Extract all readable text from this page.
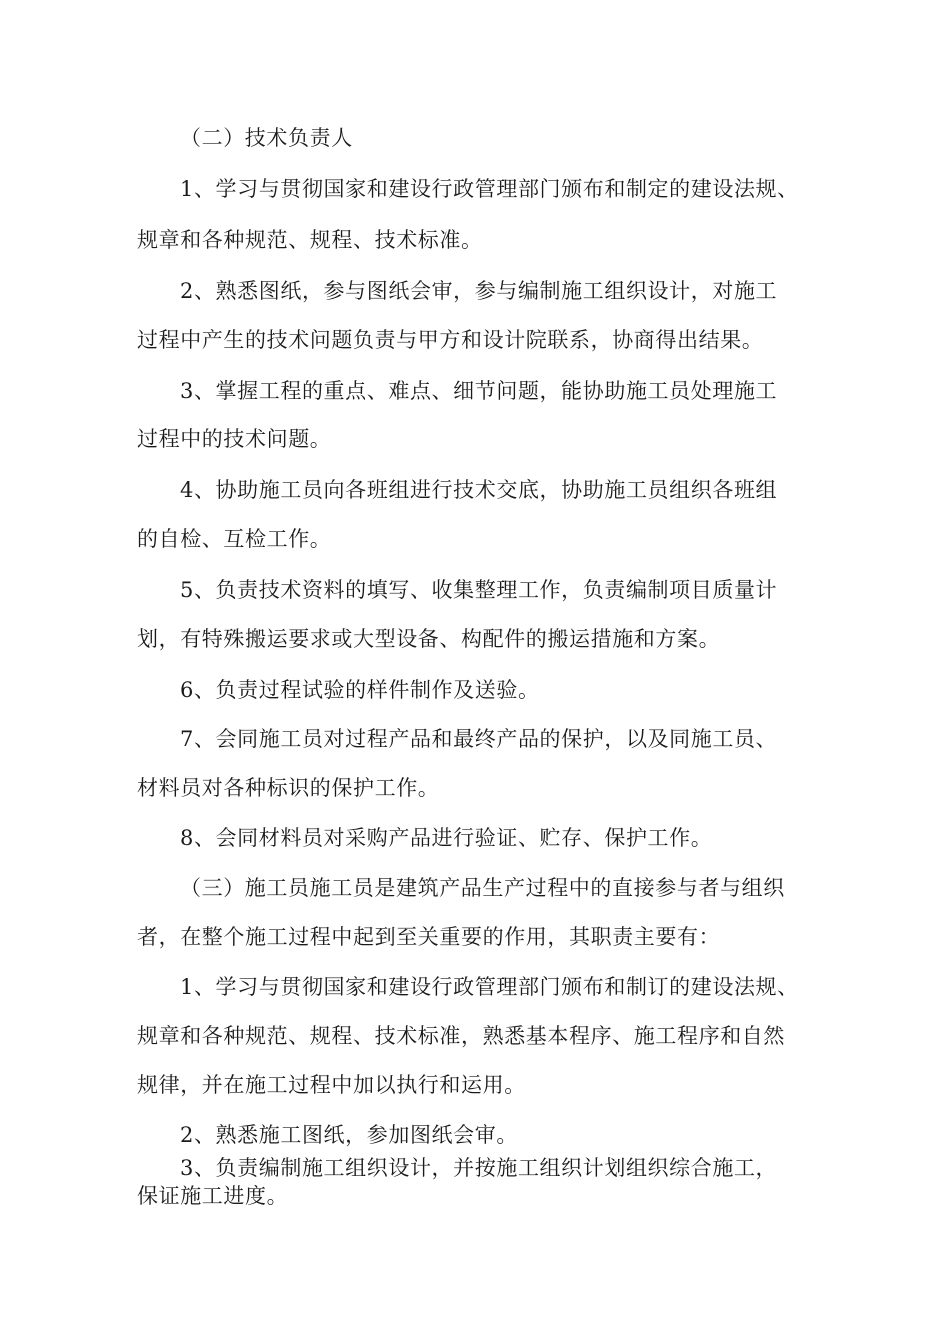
（二）技术负责人

1、学习与贯彻国家和建设行政管理部门颁布和制定的建设法规、

规章和各种规范、规程、技术标准。

2、熟悉图纸，参与图纸会审，参与编制施工组织设计，对施工

过程中产生的技术问题负责与甲方和设计院联系，协商得出结果。

3、掌握工程的重点、难点、细节问题，能协助施工员处理施工

过程中的技术问题。

4、协助施工员向各班组进行技术交底，协助施工员组织各班组

的自检、互检工作。

5、负责技术资料的填写、收集整理工作，负责编制项目质量计

划，有特殊搬运要求或大型设备、构配件的搬运措施和方案。

6、负责过程试验的样件制作及送验。

7、会同施工员对过程产品和最终产品的保护，以及同施工员、

材料员对各种标识的保护工作。

8、会同材料员对采购产品进行验证、贮存、保护工作。

（三）施工员施工员是建筑产品生产过程中的直接参与者与组织

者，在整个施工过程中起到至关重要的作用，其职责主要有：

1、学习与贯彻国家和建设行政管理部门颁布和制订的建设法规、

规章和各种规范、规程、技术标准，熟悉基本程序、施工程序和自然

规律，并在施工过程中加以执行和运用。

2、熟悉施工图纸，参加图纸会审。

3、负责编制施工组织设计，并按施工组织计划组织综合施工，

保证施工进度。
